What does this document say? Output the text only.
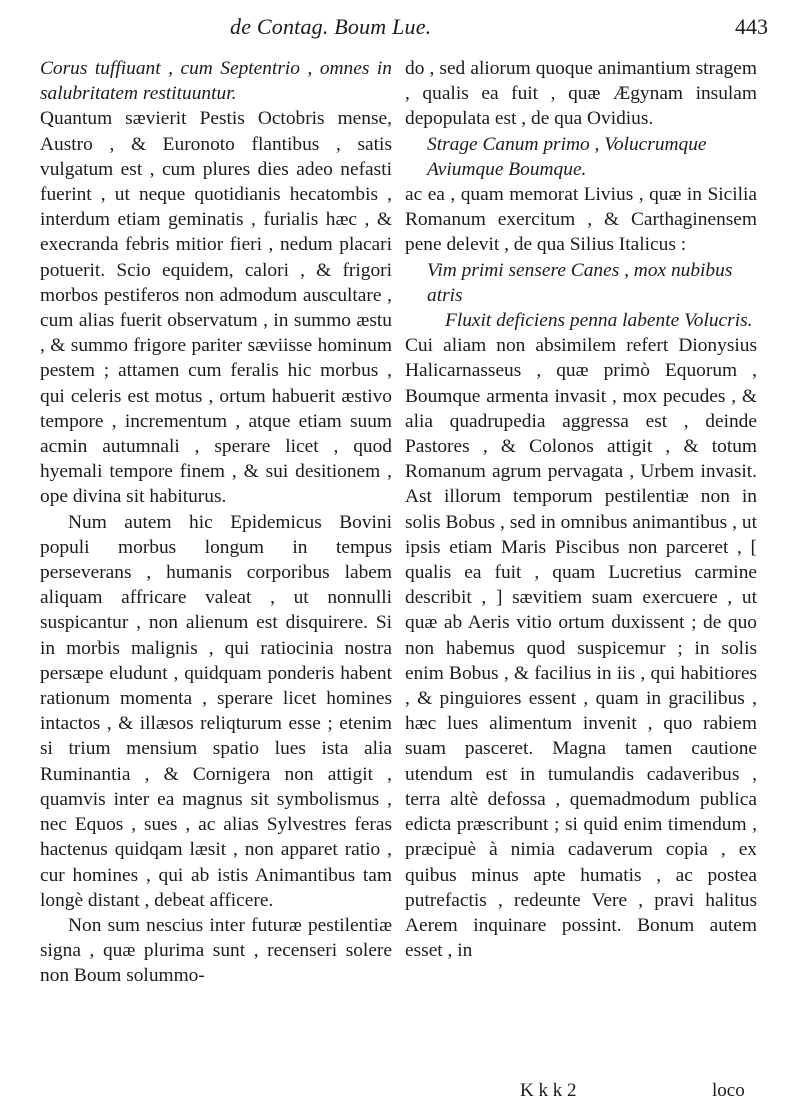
de Contag. Boum Lue.	443

Corus tuffiuant , cum Septentrio , omnes in salubritatem restituuntur.

Quantum sævierit Pestis Octobris mense, Austro , & Euronoto flantibus , satis vulgatum est , cum plures dies adeo nefasti fuerint , ut neque quotidianis hecatombis , interdum etiam geminatis , furialis hæc , & execranda febris mitior fieri , nedum placari potuerit. Scio equidem, calori , & frigori morbos pestiferos non admodum auscultare , cum alias fuerit observatum , in summo æstu , & summo frigore pariter sæviisse hominum pestem ; attamen cum feralis hic morbus , qui celeris est motus , ortum habuerit æstivo tempore , incrementum , atque etiam suum acmin autumnali , sperare licet , quod hyemali tempore finem , & sui desitionem , ope divina sit habiturus.

Num autem hic Epidemicus Bovini populi morbus longum in tempus perseverans , humanis corporibus labem aliquam affricare valeat , ut nonnulli suspicantur , non alienum est disquirere. Si in morbis malignis , qui ratiocinia nostra persæpe eludunt , quidquam ponderis habent rationum momenta , sperare licet homines intactos , & illæsos reliqturum esse ; etenim si trium mensium spatio lues ista alia Ruminantia , & Cornigera non attigit , quamvis inter ea magnus sit symbolismus , nec Equos , sues , ac alias Sylvestres feras hactenus quidqam læsit , non apparet ratio , cur homines , qui ab istis Animantibus tam longè distant , debeat afficere.

Non sum nescius inter futuræ pestilentiæ signa , quæ plurima sunt , recenseri solere non Boum solummo-

do , sed aliorum quoque animantium stragem , qualis ea fuit , quæ Ægynam insulam depopulata est , de qua Ovidius.

Strage Canum primo , Volucrumque Aviumque Boumque.

ac ea , quam memorat Livius , quæ in Sicilia Romanum exercitum , & Carthaginensem pene delevit , de qua Silius Italicus :

Vim primi sensere Canes , mox nubibus atris

Fluxit deficiens penna labente Volucris.

Cui aliam non absimilem refert Dionysius Halicarnasseus , quæ primò Equorum , Boumque armenta invasit , mox pecudes , & alia quadrupedia aggressa est , deinde Pastores , & Colonos attigit , & totum Romanum agrum pervagata , Urbem invasit. Ast illorum temporum pestilentiæ non in solis Bobus , sed in omnibus animantibus , ut ipsis etiam Maris Piscibus non parceret , [ qualis ea fuit , quam Lucretius carmine describit , ] sævitiem suam exercuere , ut quæ ab Aeris vitio ortum duxissent ; de quo non habemus quod suspicemur ; in solis enim Bobus , & facilius in iis , qui habitiores , & pinguiores essent , quam in gracilibus , hæc lues alimentum invenit , quo rabiem suam pasceret. Magna tamen cautione utendum est in tumulandis cadaveribus , terra altè defossa , quemadmodum publica edicta præscribunt ; si quid enim timendum , præcipuè à nimia cadaverum copia , ex quibus minus apte humatis , ac postea putrefactis , redeunte Vere , pravi halitus Aerem inquinare possint. Bonum autem esset , in

K k k 2	loco
